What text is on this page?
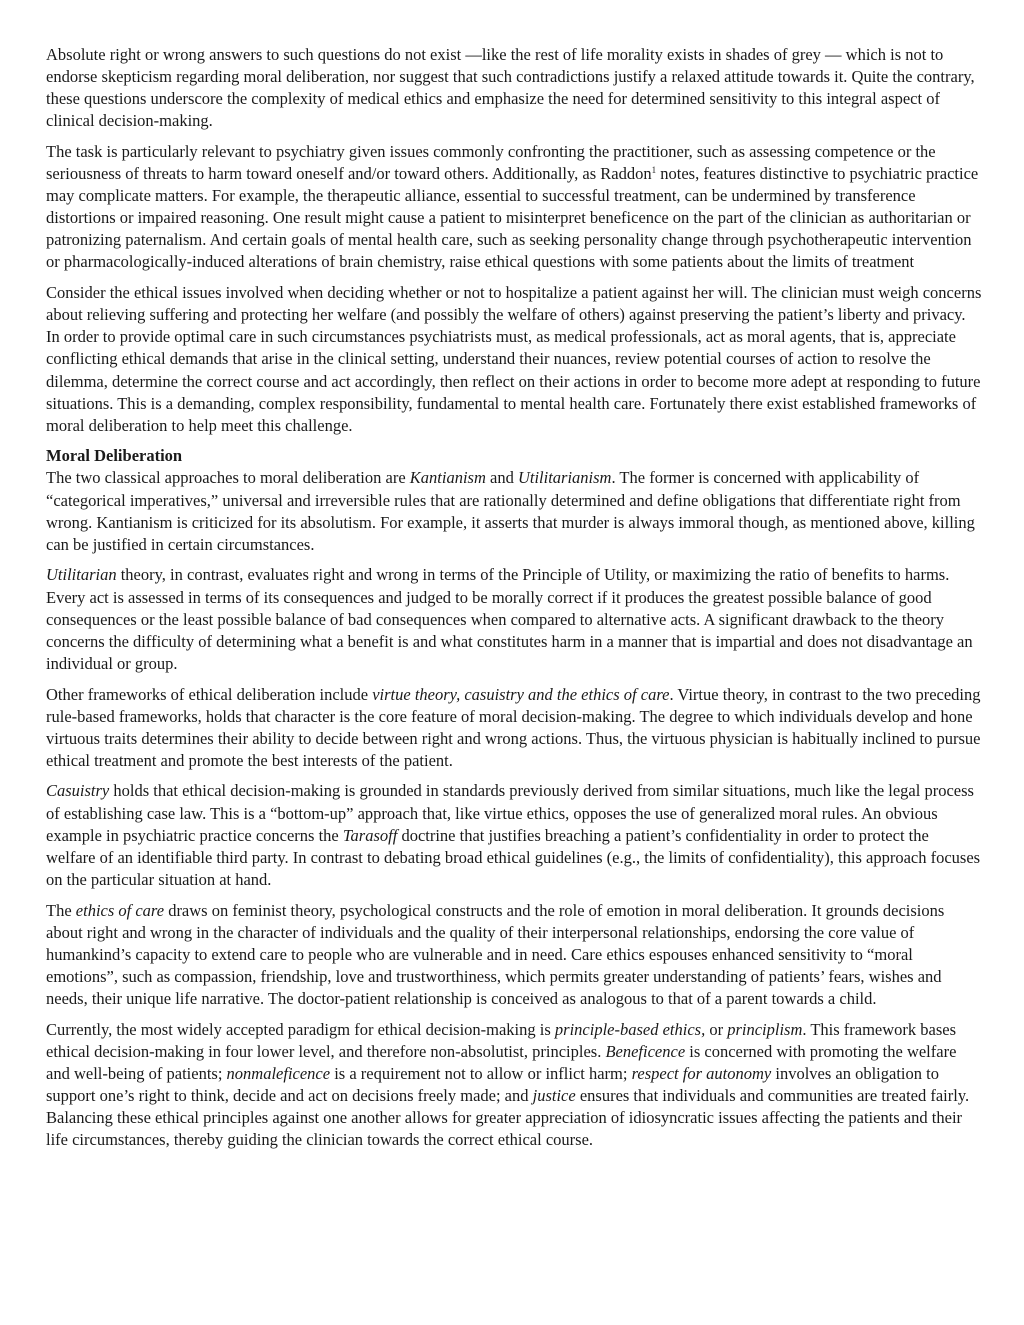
Absolute right or wrong answers to such questions do not exist —like the rest of life morality exists in shades of grey — which is not to endorse skepticism regarding moral deliberation, nor suggest that such contradictions justify a relaxed attitude towards it. Quite the contrary, these questions underscore the complexity of medical ethics and emphasize the need for determined sensitivity to this integral aspect of clinical decision-making.

The task is particularly relevant to psychiatry given issues commonly confronting the practitioner, such as assessing competence or the seriousness of threats to harm toward oneself and/or toward others. Additionally, as Raddon$^1$ notes, features distinctive to psychiatric practice may complicate matters. For example, the therapeutic alliance, essential to successful treatment, can be undermined by transference distortions or impaired reasoning. One result might cause a patient to misinterpret beneficence on the part of the clinician as authoritarian or patronizing paternalism. And certain goals of mental health care, such as seeking personality change through psychotherapeutic intervention or pharmacologically-induced alterations of brain chemistry, raise ethical questions with some patients about the limits of treatment

Consider the ethical issues involved when deciding whether or not to hospitalize a patient against her will. The clinician must weigh concerns about relieving suffering and protecting her welfare (and possibly the welfare of others) against preserving the patient’s liberty and privacy. In order to provide optimal care in such circumstances psychiatrists must, as medical professionals, act as moral agents, that is, appreciate conflicting ethical demands that arise in the clinical setting, understand their nuances, review potential courses of action to resolve the dilemma, determine the correct course and act accordingly, then reflect on their actions in order to become more adept at responding to future situations. This is a demanding, complex responsibility, fundamental to mental health care. Fortunately there exist established frameworks of moral deliberation to help meet this challenge.

Moral Deliberation

The two classical approaches to moral deliberation are Kantianism and Utilitarianism. The former is concerned with applicability of “categorical imperatives,” universal and irreversible rules that are rationally determined and define obligations that differentiate right from wrong. Kantianism is criticized for its absolutism. For example, it asserts that murder is always immoral though, as mentioned above, killing can be justified in certain circumstances.

Utilitarian theory, in contrast, evaluates right and wrong in terms of the Principle of Utility, or maximizing the ratio of benefits to harms. Every act is assessed in terms of its consequences and judged to be morally correct if it produces the greatest possible balance of good consequences or the least possible balance of bad consequences when compared to alternative acts. A significant drawback to the theory concerns the difficulty of determining what a benefit is and what constitutes harm in a manner that is impartial and does not disadvantage an individual or group.

Other frameworks of ethical deliberation include virtue theory, casuistry and the ethics of care. Virtue theory, in contrast to the two preceding rule-based frameworks, holds that character is the core feature of moral decision-making. The degree to which individuals develop and hone virtuous traits determines their ability to decide between right and wrong actions. Thus, the virtuous physician is habitually inclined to pursue ethical treatment and promote the best interests of the patient.

Casuistry holds that ethical decision-making is grounded in standards previously derived from similar situations, much like the legal process of establishing case law. This is a “bottom-up” approach that, like virtue ethics, opposes the use of generalized moral rules. An obvious example in psychiatric practice concerns the Tarasoff doctrine that justifies breaching a patient’s confidentiality in order to protect the welfare of an identifiable third party. In contrast to debating broad ethical guidelines (e.g., the limits of confidentiality), this approach focuses on the particular situation at hand.

The ethics of care draws on feminist theory, psychological constructs and the role of emotion in moral deliberation. It grounds decisions about right and wrong in the character of individuals and the quality of their interpersonal relationships, endorsing the core value of humankind’s capacity to extend care to people who are vulnerable and in need. Care ethics espouses enhanced sensitivity to “moral emotions”, such as compassion, friendship, love and trustworthiness, which permits greater understanding of patients’ fears, wishes and needs, their unique life narrative. The doctor-patient relationship is conceived as analogous to that of a parent towards a child.

Currently, the most widely accepted paradigm for ethical decision-making is principle-based ethics, or principlism. This framework bases ethical decision-making in four lower level, and therefore non-absolutist, principles. Beneficence is concerned with promoting the welfare and well-being of patients; nonmaleficence is a requirement not to allow or inflict harm; respect for autonomy involves an obligation to support one’s right to think, decide and act on decisions freely made; and justice ensures that individuals and communities are treated fairly. Balancing these ethical principles against one another allows for greater appreciation of idiosyncratic issues affecting the patients and their life circumstances, thereby guiding the clinician towards the correct ethical course.
